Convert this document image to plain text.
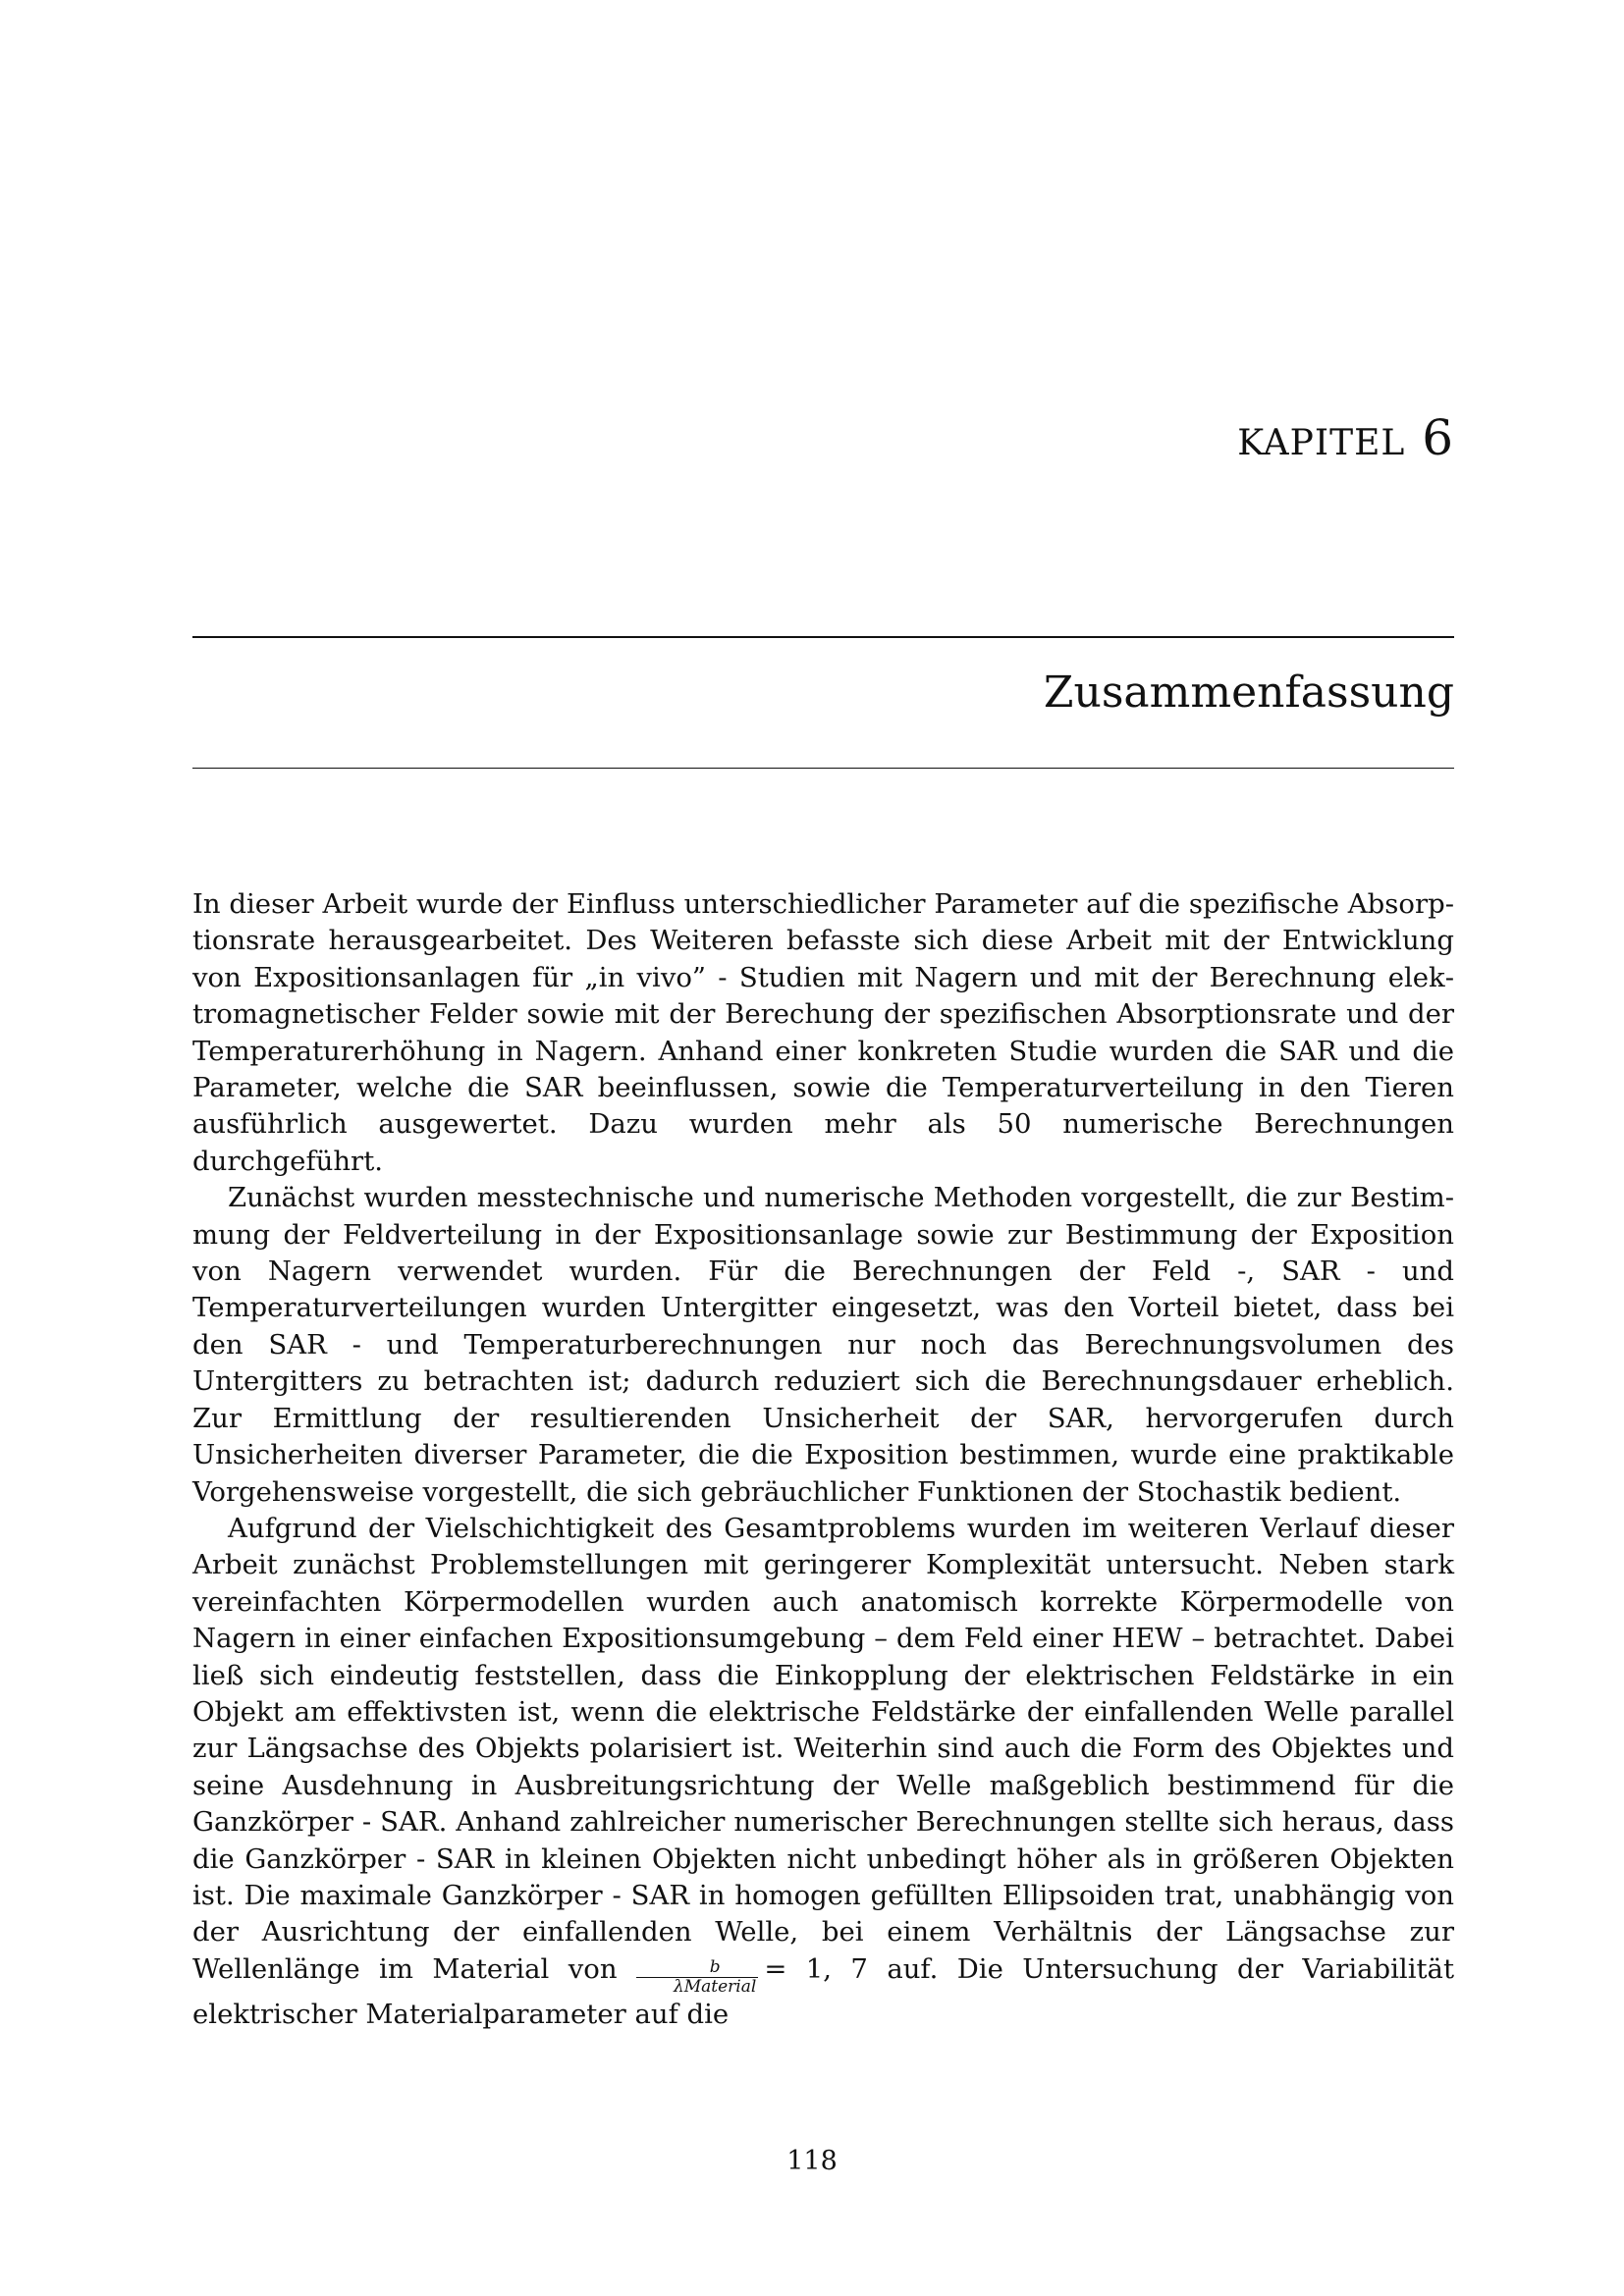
kapitel 6
Zusammenfassung

In dieser Arbeit wurde der Einfluss unterschiedlicher Parameter auf die spezifische Absorptionsrate herausgearbeitet. Des Weiteren befasste sich diese Arbeit mit der Entwicklung von Expositionsanlagen für „in vivo” - Studien mit Nagern und mit der Berechnung elektromagnetischer Felder sowie mit der Berechung der spezifischen Absorptionsrate und der Temperaturerhöhung in Nagern. Anhand einer konkreten Studie wurden die SAR und die Parameter, welche die SAR beeinflussen, sowie die Temperaturverteilung in den Tieren ausführlich ausgewertet. Dazu wurden mehr als 50 numerische Berechnungen durchgeführt.

Zunächst wurden messtechnische und numerische Methoden vorgestellt, die zur Bestimmung der Feldverteilung in der Expositionsanlage sowie zur Bestimmung der Exposition von Nagern verwendet wurden. Für die Berechnungen der Feld -, SAR - und Temperaturverteilungen wurden Untergitter eingesetzt, was den Vorteil bietet, dass bei den SAR - und Temperaturberechnungen nur noch das Berechnungsvolumen des Untergitters zu betrachten ist; dadurch reduziert sich die Berechnungsdauer erheblich. Zur Ermittlung der resultierenden Unsicherheit der SAR, hervorgerufen durch Unsicherheiten diverser Parameter, die die Exposition bestimmen, wurde eine praktikable Vorgehensweise vorgestellt, die sich gebräuchlicher Funktionen der Stochastik bedient.

Aufgrund der Vielschichtigkeit des Gesamtproblems wurden im weiteren Verlauf dieser Arbeit zunächst Problemstellungen mit geringerer Komplexität untersucht. Neben stark vereinfachten Körpermodellen wurden auch anatomisch korrekte Körpermodelle von Nagern in einer einfachen Expositionsumgebung – dem Feld einer HEW – betrachtet. Dabei ließ sich eindeutig feststellen, dass die Einkopplung der elektrischen Feldstärke in ein Objekt am effektivsten ist, wenn die elektrische Feldstärke der einfallenden Welle parallel zur Längsachse des Objekts polarisiert ist. Weiterhin sind auch die Form des Objektes und seine Ausdehnung in Ausbreitungsrichtung der Welle maßgeblich bestimmend für die Ganzkörper - SAR. Anhand zahlreicher numerischer Berechnungen stellte sich heraus, dass die Ganzkörper - SAR in kleinen Objekten nicht unbedingt höher als in größeren Objekten ist. Die maximale Ganzkörper - SAR in homogen gefüllten Ellipsoiden trat, unabhängig von der Ausrichtung der einfallenden Welle, bei einem Verhältnis der Längsachse zur Wellenlänge im Material von $\frac{b}{\text{λMaterial}} = 1$, 7 auf. Die Untersuchung der Variabilität elektrischer Materialparameter auf die

118
